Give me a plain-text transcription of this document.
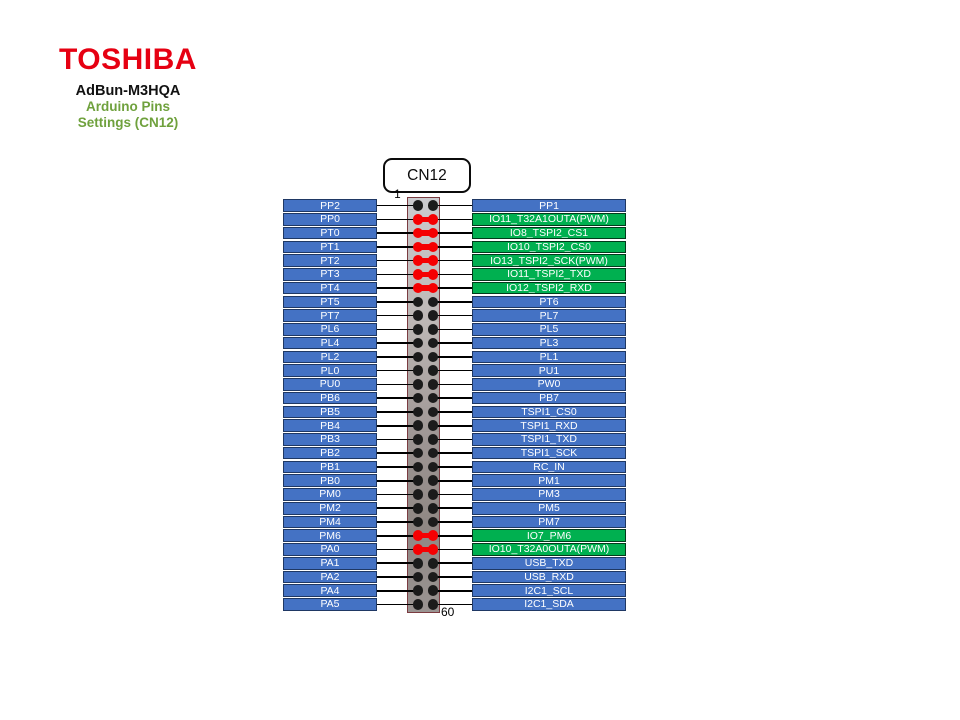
TOSHIBA
AdBun-M3HQA
Arduino Pins
Settings (CN12)
CN12
1
PP2	PP1
PP0	IO11_T32A1OUTA(PWM)
PT0	IO8_TSPI2_CS1
PT1	IO10_TSPI2_CS0
PT2	IO13_TSPI2_SCK(PWM)
PT3	IO11_TSPI2_TXD
PT4	IO12_TSPI2_RXD
PT5	PT6
PT7	PL7
PL6	PL5
PL4	PL3
PL2	PL1
PL0	PU1
PU0	PW0
PB6	PB7
PB5	TSPI1_CS0
PB4	TSPI1_RXD
PB3	TSPI1_TXD
PB2	TSPI1_SCK
PB1	RC_IN
PB0	PM1
PM0	PM3
PM2	PM5
PM4	PM7
PM6	IO7_PM6
PA0	IO10_T32A0OUTA(PWM)
PA1	USB_TXD
PA2	USB_RXD
PA4	I2C1_SCL
PA5	I2C1_SDA
60
